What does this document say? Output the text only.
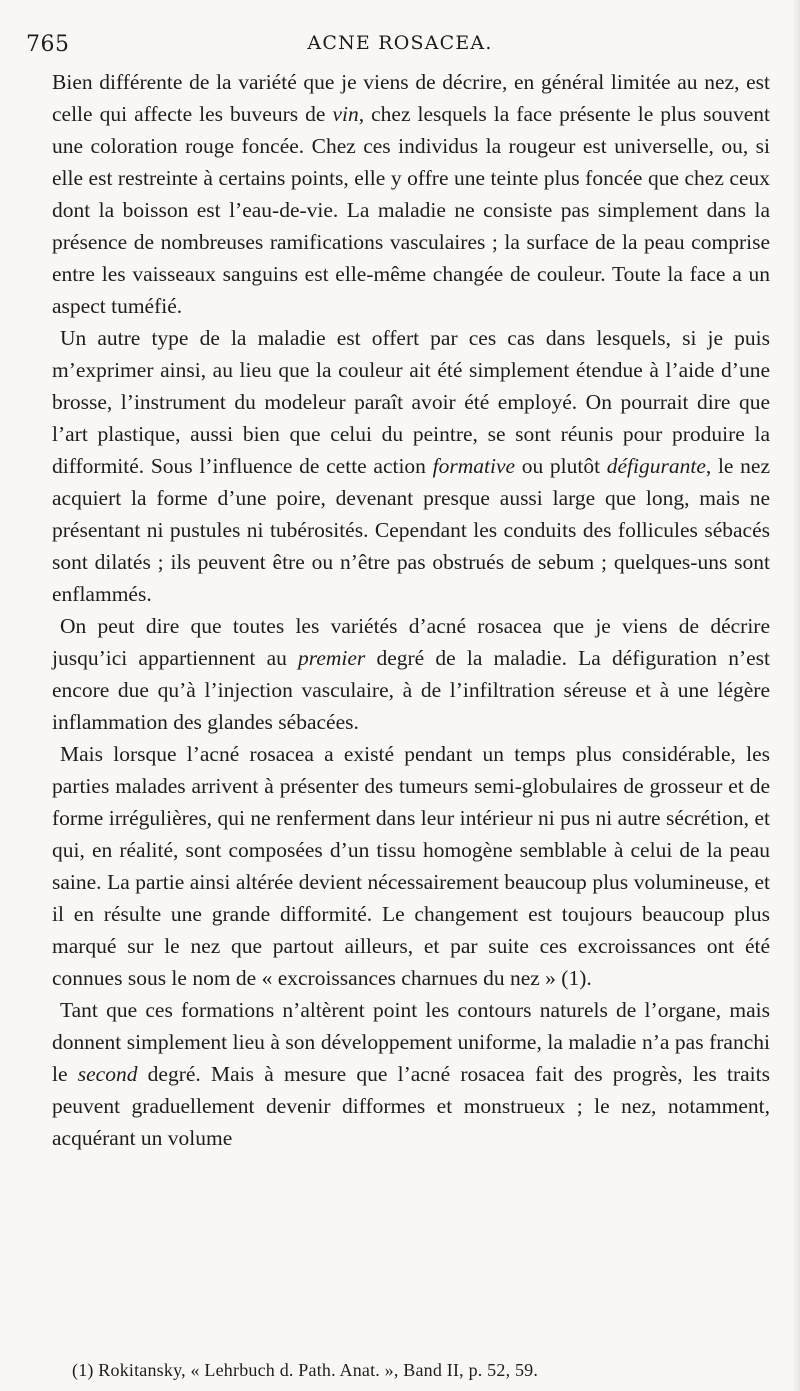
765	ACNE ROSACEA.

Bien différente de la variété que je viens de décrire, en général limitée au nez, est celle qui affecte les buveurs de vin, chez lesquels la face présente le plus souvent une coloration rouge foncée. Chez ces individus la rougeur est universelle, ou, si elle est restreinte à certains points, elle y offre une teinte plus foncée que chez ceux dont la boisson est l’eau-de-vie. La maladie ne consiste pas simplement dans la présence de nombreuses ramifications vasculaires ; la surface de la peau comprise entre les vaisseaux sanguins est elle-même changée de couleur. Toute la face a un aspect tuméfié.

Un autre type de la maladie est offert par ces cas dans lesquels, si je puis m’exprimer ainsi, au lieu que la couleur ait été simplement étendue à l’aide d’une brosse, l’instrument du modeleur paraît avoir été employé. On pourrait dire que l’art plastique, aussi bien que celui du peintre, se sont réunis pour produire la difformité. Sous l’influence de cette action formative ou plutôt défigurante, le nez acquiert la forme d’une poire, devenant presque aussi large que long, mais ne présentant ni pustules ni tubérosités. Cependant les conduits des follicules sébacés sont dilatés ; ils peuvent être ou n’être pas obstrués de sebum ; quelques-uns sont enflammés.

On peut dire que toutes les variétés d’acné rosacea que je viens de décrire jusqu’ici appartiennent au premier degré de la maladie. La défiguration n’est encore due qu’à l’injection vasculaire, à de l’infiltration séreuse et à une légère inflammation des glandes sébacées.

Mais lorsque l’acné rosacea a existé pendant un temps plus considérable, les parties malades arrivent à présenter des tumeurs semi-globulaires de grosseur et de forme irrégulières, qui ne renferment dans leur intérieur ni pus ni autre sécrétion, et qui, en réalité, sont composées d’un tissu homogène semblable à celui de la peau saine. La partie ainsi altérée devient nécessairement beaucoup plus volumineuse, et il en résulte une grande difformité. Le changement est toujours beaucoup plus marqué sur le nez que partout ailleurs, et par suite ces excroissances ont été connues sous le nom de « excroissances charnues du nez » (1).

Tant que ces formations n’altèrent point les contours naturels de l’organe, mais donnent simplement lieu à son développement uniforme, la maladie n’a pas franchi le second degré. Mais à mesure que l’acné rosacea fait des progrès, les traits peuvent graduellement devenir difformes et monstrueux ; le nez, notamment, acquérant un volume

(1) Rokitansky, « Lehrbuch d. Path. Anat. », Band II, p. 52, 59.
